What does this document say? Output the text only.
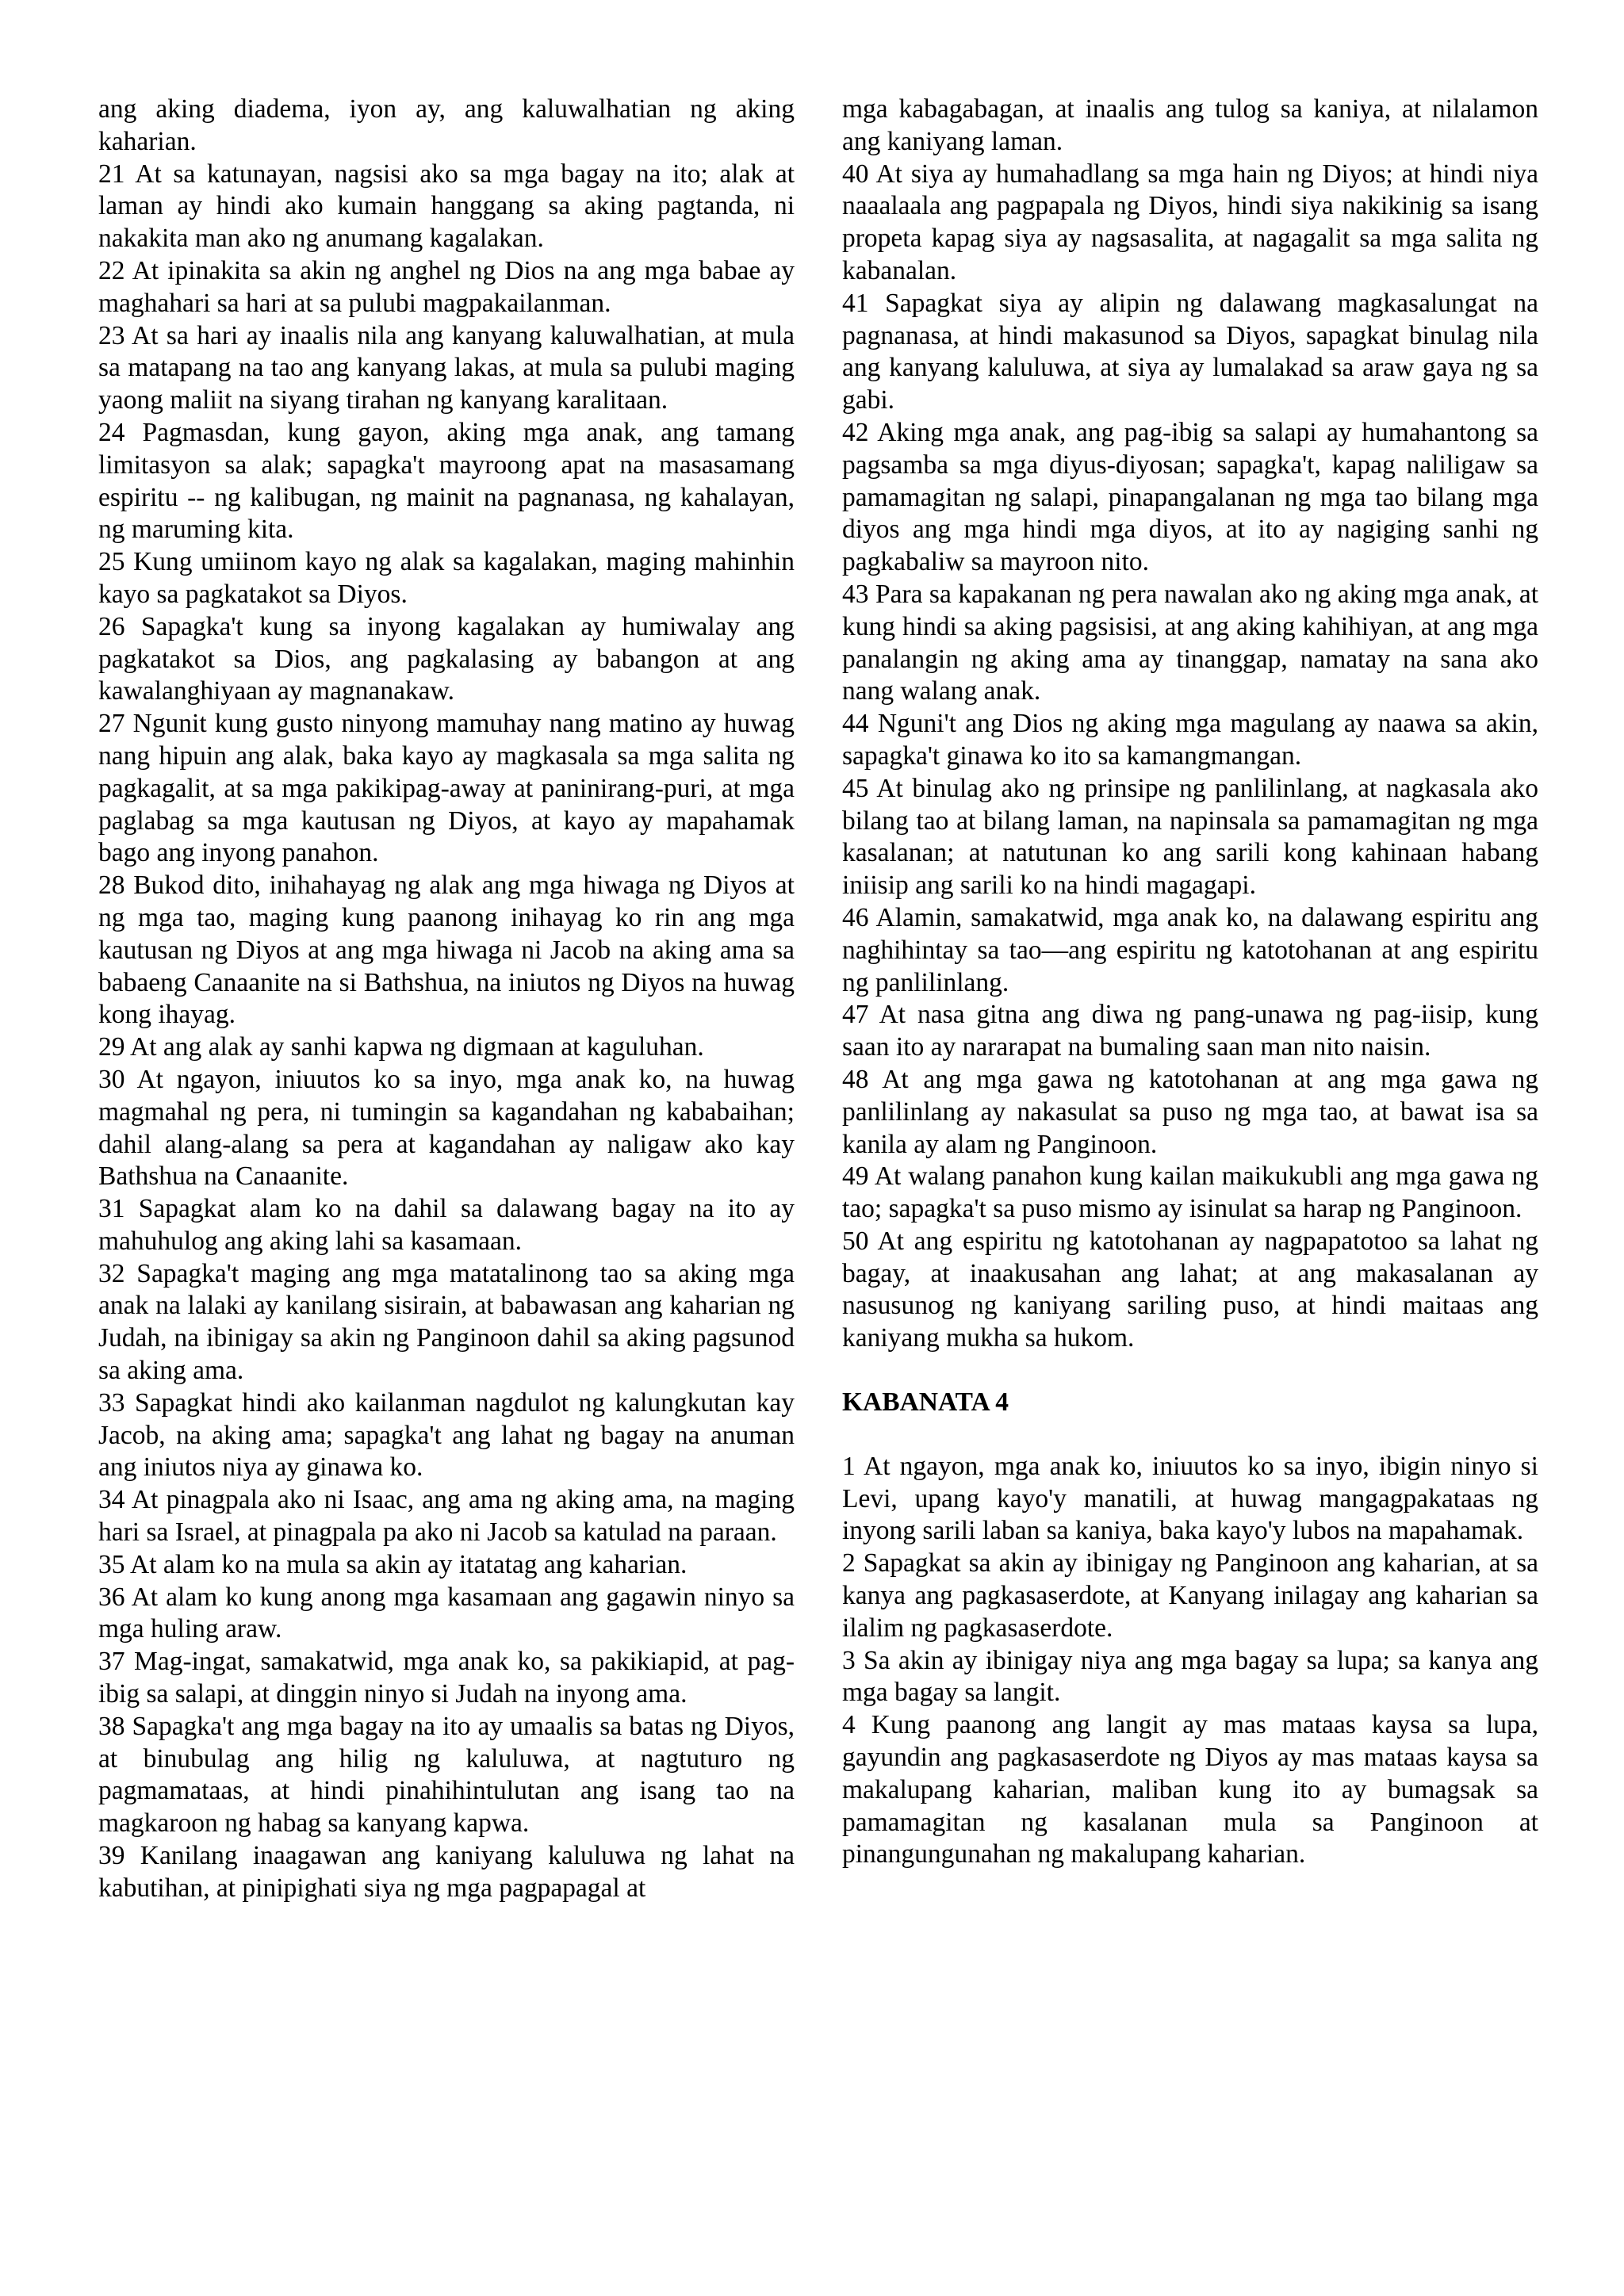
ang aking diadema, iyon ay, ang kaluwalhatian ng aking kaharian.

21 At sa katunayan, nagsisi ako sa mga bagay na ito; alak at laman ay hindi ako kumain hanggang sa aking pagtanda, ni nakakita man ako ng anumang kagalakan.

22 At ipinakita sa akin ng anghel ng Dios na ang mga babae ay maghahari sa hari at sa pulubi magpakailanman.

23 At sa hari ay inaalis nila ang kanyang kaluwalhatian, at mula sa matapang na tao ang kanyang lakas, at mula sa pulubi maging yaong maliit na siyang tirahan ng kanyang karalitaan.

24 Pagmasdan, kung gayon, aking mga anak, ang tamang limitasyon sa alak; sapagka't mayroong apat na masasamang espiritu -- ng kalibugan, ng mainit na pagnanasa, ng kahalayan, ng maruming kita.

25 Kung umiinom kayo ng alak sa kagalakan, maging mahinhin kayo sa pagkatakot sa Diyos.

26 Sapagka't kung sa inyong kagalakan ay humiwalay ang pagkatakot sa Dios, ang pagkalasing ay babangon at ang kawalanghiyaan ay magnanakaw.

27 Ngunit kung gusto ninyong mamuhay nang matino ay huwag nang hipuin ang alak, baka kayo ay magkasala sa mga salita ng pagkagalit, at sa mga pakikipag-away at paninirang-puri, at mga paglabag sa mga kautusan ng Diyos, at kayo ay mapahamak bago ang inyong panahon.

28 Bukod dito, inihahayag ng alak ang mga hiwaga ng Diyos at ng mga tao, maging kung paanong inihayag ko rin ang mga kautusan ng Diyos at ang mga hiwaga ni Jacob na aking ama sa babaeng Canaanite na si Bathshua, na iniutos ng Diyos na huwag kong ihayag.

29 At ang alak ay sanhi kapwa ng digmaan at kaguluhan.

30 At ngayon, iniuutos ko sa inyo, mga anak ko, na huwag magmahal ng pera, ni tumingin sa kagandahan ng kababaihan; dahil alang-alang sa pera at kagandahan ay naligaw ako kay Bathshua na Canaanite.

31 Sapagkat alam ko na dahil sa dalawang bagay na ito ay mahuhulog ang aking lahi sa kasamaan.

32 Sapagka't maging ang mga matatalinong tao sa aking mga anak na lalaki ay kanilang sisirain, at babawasan ang kaharian ng Judah, na ibinigay sa akin ng Panginoon dahil sa aking pagsunod sa aking ama.

33 Sapagkat hindi ako kailanman nagdulot ng kalungkutan kay Jacob, na aking ama; sapagka't ang lahat ng bagay na anuman ang iniutos niya ay ginawa ko.

34 At pinagpala ako ni Isaac, ang ama ng aking ama, na maging hari sa Israel, at pinagpala pa ako ni Jacob sa katulad na paraan.

35 At alam ko na mula sa akin ay itatatag ang kaharian.

36 At alam ko kung anong mga kasamaan ang gagawin ninyo sa mga huling araw.

37 Mag-ingat, samakatwid, mga anak ko, sa pakikiapid, at pag-ibig sa salapi, at dinggin ninyo si Judah na inyong ama.

38 Sapagka't ang mga bagay na ito ay umaalis sa batas ng Diyos, at binubulag ang hilig ng kaluluwa, at nagtuturo ng pagmamataas, at hindi pinahihintulutan ang isang tao na magkaroon ng habag sa kanyang kapwa.

39 Kanilang inaagawan ang kaniyang kaluluwa ng lahat na kabutihan, at pinipighati siya ng mga pagpapagal at

mga kabagabagan, at inaalis ang tulog sa kaniya, at nilalamon ang kaniyang laman.

40 At siya ay humahadlang sa mga hain ng Diyos; at hindi niya naaalaala ang pagpapala ng Diyos, hindi siya nakikinig sa isang propeta kapag siya ay nagsasalita, at nagagalit sa mga salita ng kabanalan.

41 Sapagkat siya ay alipin ng dalawang magkasalungat na pagnanasa, at hindi makasunod sa Diyos, sapagkat binulag nila ang kanyang kaluluwa, at siya ay lumalakad sa araw gaya ng sa gabi.

42 Aking mga anak, ang pag-ibig sa salapi ay humahantong sa pagsamba sa mga diyus-diyosan; sapagka't, kapag naliligaw sa pamamagitan ng salapi, pinapangalanan ng mga tao bilang mga diyos ang mga hindi mga diyos, at ito ay nagiging sanhi ng pagkabaliw sa mayroon nito.

43 Para sa kapakanan ng pera nawalan ako ng aking mga anak, at kung hindi sa aking pagsisisi, at ang aking kahihiyan, at ang mga panalangin ng aking ama ay tinanggap, namatay na sana ako nang walang anak.

44 Nguni't ang Dios ng aking mga magulang ay naawa sa akin, sapagka't ginawa ko ito sa kamangmangan.

45 At binulag ako ng prinsipe ng panlilinlang, at nagkasala ako bilang tao at bilang laman, na napinsala sa pamamagitan ng mga kasalanan; at natutunan ko ang sarili kong kahinaan habang iniisip ang sarili ko na hindi magagapi.

46 Alamin, samakatwid, mga anak ko, na dalawang espiritu ang naghihintay sa tao—ang espiritu ng katotohanan at ang espiritu ng panlilinlang.

47 At nasa gitna ang diwa ng pang-unawa ng pag-iisip, kung saan ito ay nararapat na bumaling saan man nito naisin.

48 At ang mga gawa ng katotohanan at ang mga gawa ng panlilinlang ay nakasulat sa puso ng mga tao, at bawat isa sa kanila ay alam ng Panginoon.

49 At walang panahon kung kailan maikukubli ang mga gawa ng tao; sapagka't sa puso mismo ay isinulat sa harap ng Panginoon.

50 At ang espiritu ng katotohanan ay nagpapatotoo sa lahat ng bagay, at inaakusahan ang lahat; at ang makasalanan ay nasusunog ng kaniyang sariling puso, at hindi maitaas ang kaniyang mukha sa hukom.

KABANATA 4

1 At ngayon, mga anak ko, iniuutos ko sa inyo, ibigin ninyo si Levi, upang kayo'y manatili, at huwag mangagpakataas ng inyong sarili laban sa kaniya, baka kayo'y lubos na mapahamak.

2 Sapagkat sa akin ay ibinigay ng Panginoon ang kaharian, at sa kanya ang pagkasaserdote, at Kanyang inilagay ang kaharian sa ilalim ng pagkasaserdote.

3 Sa akin ay ibinigay niya ang mga bagay sa lupa; sa kanya ang mga bagay sa langit.

4 Kung paanong ang langit ay mas mataas kaysa sa lupa, gayundin ang pagkasaserdote ng Diyos ay mas mataas kaysa sa makalupang kaharian, maliban kung ito ay bumagsak sa pamamagitan ng kasalanan mula sa Panginoon at pinangungunahan ng makalupang kaharian.
